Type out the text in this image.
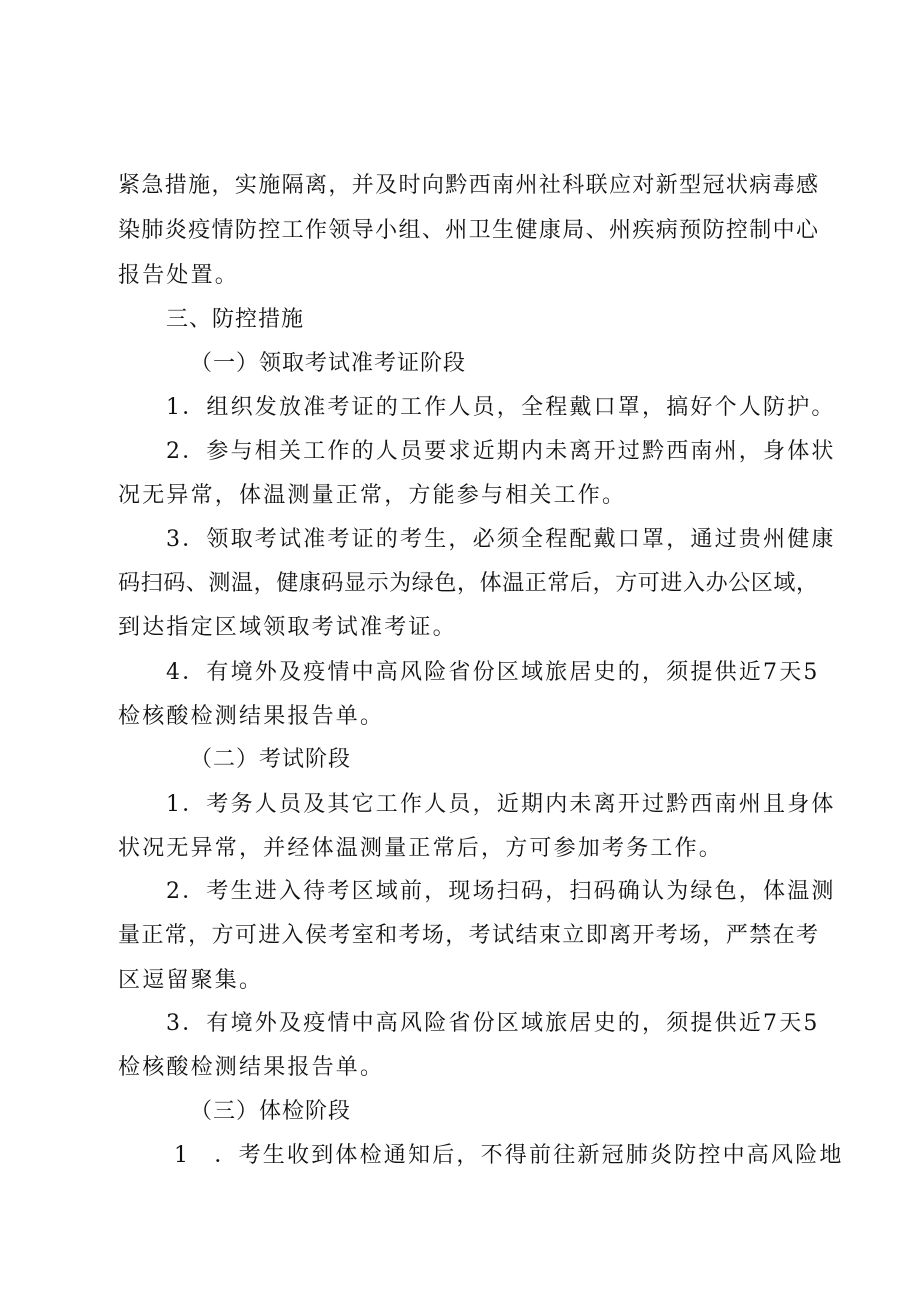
紧急措施，实施隔离，并及时向黔西南州社科联应对新型冠状病毒感
染肺炎疫情防控工作领导小组、州卫生健康局、州疾病预防控制中心
报告处置。
三、防控措施
（一）领取考试准考证阶段
1．组织发放准考证的工作人员，全程戴口罩，搞好个人防护。
2．参与相关工作的人员要求近期内未离开过黔西南州，身体状
况无异常，体温测量正常，方能参与相关工作。
3．领取考试准考证的考生，必须全程配戴口罩，通过贵州健康
码扫码、测温，健康码显示为绿色，体温正常后，方可进入办公区域，
到达指定区域领取考试准考证。
4．有境外及疫情中高风险省份区域旅居史的，须提供近7天5
检核酸检测结果报告单。
（二）考试阶段
1．考务人员及其它工作人员，近期内未离开过黔西南州且身体
状况无异常，并经体温测量正常后，方可参加考务工作。
2．考生进入待考区域前，现场扫码，扫码确认为绿色，体温测
量正常，方可进入侯考室和考场，考试结束立即离开考场，严禁在考
区逗留聚集。
3．有境外及疫情中高风险省份区域旅居史的，须提供近7天5
检核酸检测结果报告单。
（三）体检阶段
1　．考生收到体检通知后，不得前往新冠肺炎防控中高风险地
